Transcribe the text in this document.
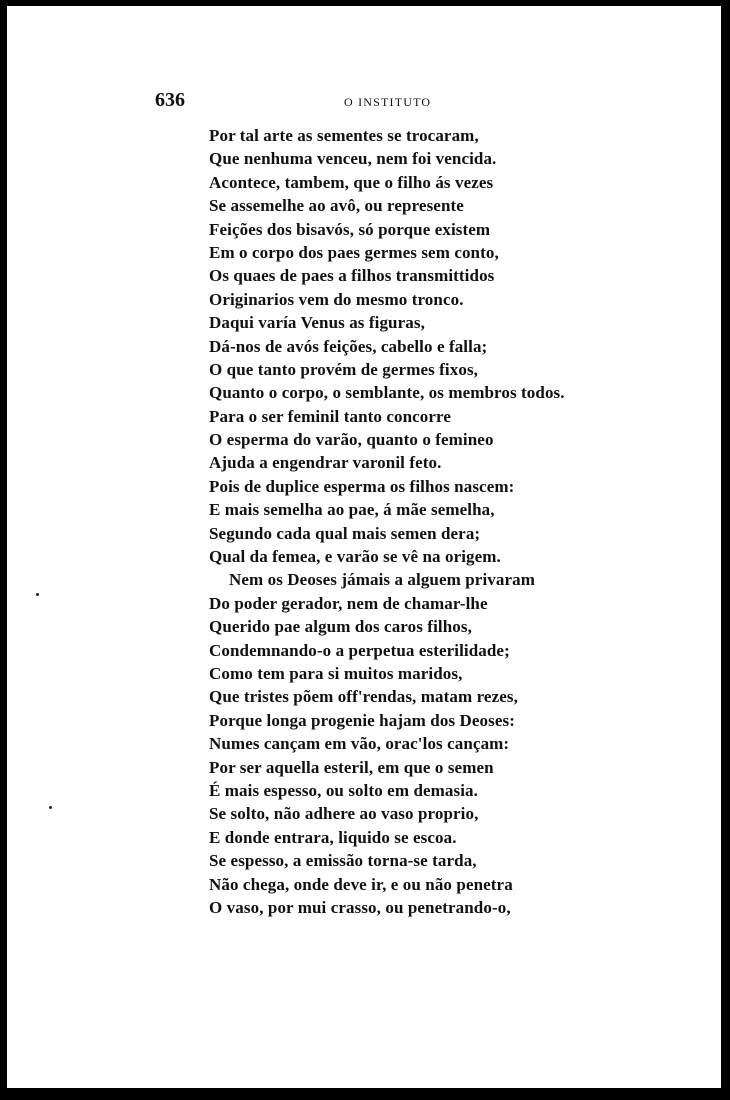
636	O INSTITUTO
Por tal arte as sementes se trocaram,
Que nenhuma venceu, nem foi vencida.
Acontece, tambem, que o filho ás vezes
Se assemelhe ao avô, ou represente
Feições dos bisavós, só porque existem
Em o corpo dos paes germes sem conto,
Os quaes de paes a filhos transmittidos
Originarios vem do mesmo tronco.
Daqui varía Venus as figuras,
Dá-nos de avós feições, cabello e falla;
O que tanto provém de germes fixos,
Quanto o corpo, o semblante, os membros todos.
Para o ser feminil tanto concorre
O esperma do varão, quanto o femineo
Ajuda a engendrar varonil feto.
Pois de duplice esperma os filhos nascem:
E mais semelha ao pae, á mãe semelha,
Segundo cada qual mais semen dera;
Qual da femea, e varão se vê na origem.
Nem os Deoses jámais a alguem privaram
Do poder gerador, nem de chamar-lhe
Querido pae algum dos caros filhos,
Condemnando-o a perpetua esterilidade;
Como tem para si muitos maridos,
Que tristes põem off'rendas, matam rezes,
Porque longa progenie hajam dos Deoses:
Numes cançam em vão, orac'los cançam:
Por ser aquella esteril, em que o semen
É mais espesso, ou solto em demasia.
Se solto, não adhere ao vaso proprio,
E donde entrara, liquido se escoa.
Se espesso, a emissão torna-se tarda,
Não chega, onde deve ir, e ou não penetra
O vaso, por mui crasso, ou penetrando-o,
